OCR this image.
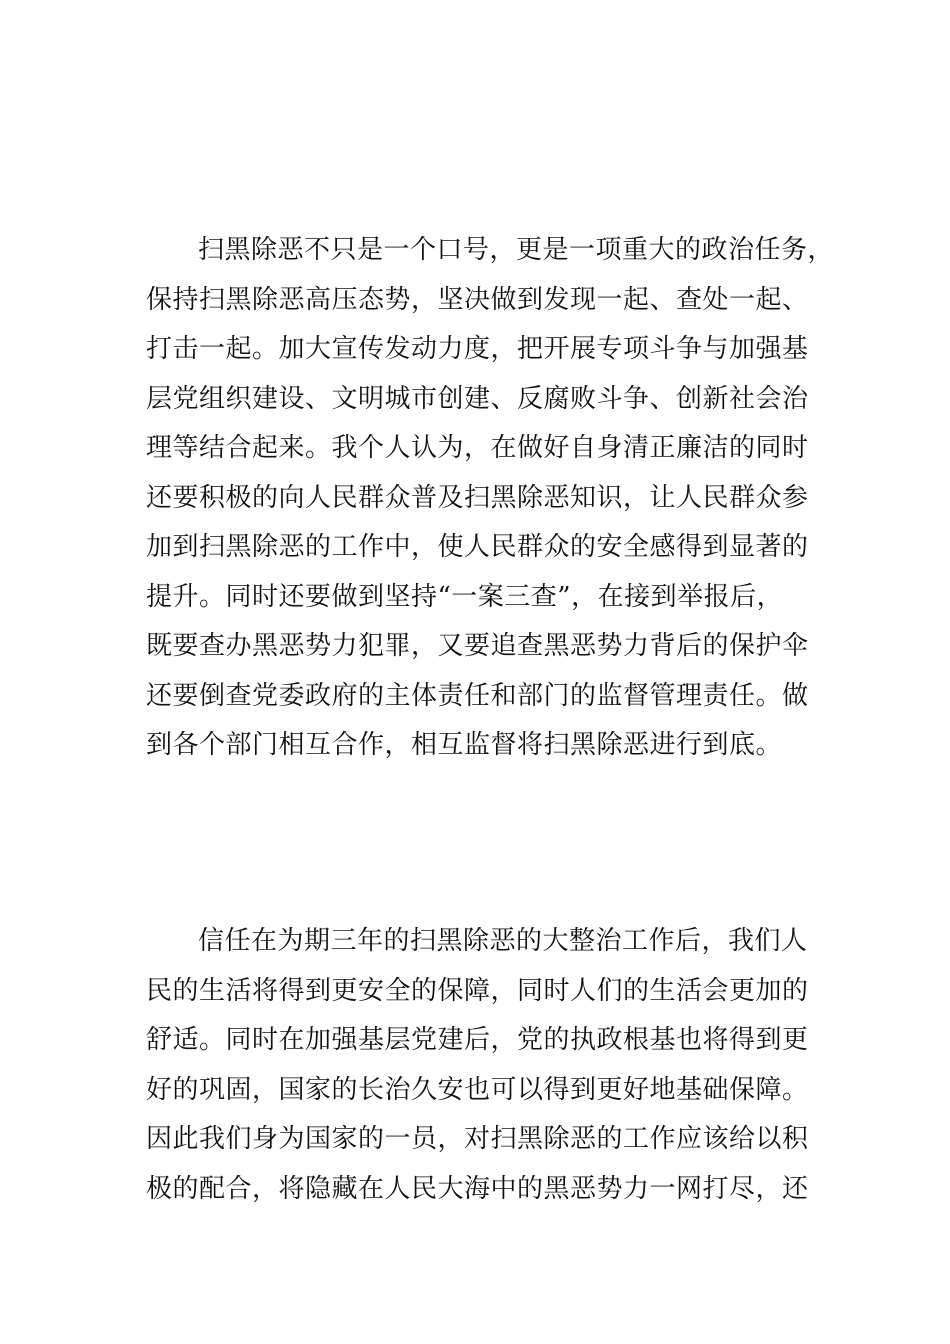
扫黑除恶不只是一个口号，更是一项重大的政治任务，
保持扫黑除恶高压态势，坚决做到发现一起、查处一起、
打击一起。加大宣传发动力度，把开展专项斗争与加强基
层党组织建设、文明城市创建、反腐败斗争、创新社会治
理等结合起来。我个人认为，在做好自身清正廉洁的同时
还要积极的向人民群众普及扫黑除恶知识，让人民群众参
加到扫黑除恶的工作中，使人民群众的安全感得到显著的
提升。同时还要做到坚持“一案三查”，在接到举报后，
既要查办黑恶势力犯罪，又要追查黑恶势力背后的保护伞
还要倒查党委政府的主体责任和部门的监督管理责任。做
到各个部门相互合作，相互监督将扫黑除恶进行到底。
信任在为期三年的扫黑除恶的大整治工作后，我们人
民的生活将得到更安全的保障，同时人们的生活会更加的
舒适。同时在加强基层党建后，党的执政根基也将得到更
好的巩固，国家的长治久安也可以得到更好地基础保障。
因此我们身为国家的一员，对扫黑除恶的工作应该给以积
极的配合，将隐藏在人民大海中的黑恶势力一网打尽，还
